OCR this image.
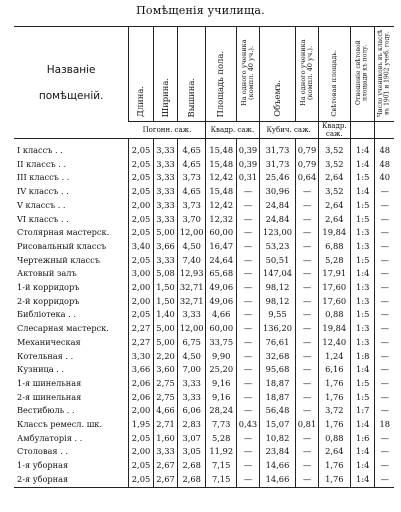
Помѣщенія училища.
Названіе помѣщеній.	Длина.	Ширина.	Вышина.	Площадь пола.	На одного ученика (компл. 40 уч.).	Объемъ.	На одного ученика (компл. 40 уч.).	Свѣтовая площадь.	Отношеніе свѣтовой площади къ полу.	Число учениковъ въ классѣ въ 1901 и 1902 учеб. году.
	Погонн. саж.			Квадр. саж.		Кубич. саж.		Квадр. саж.		
I классъ . .	2,05	3,33	4,65	15,48	0,39	31,73	0,79	3,52	1:4	48
II классъ . .	2,05	3,33	4,65	15,48	0,39	31,73	0,79	3,52	1:4	48
III классъ . .	2,05	3,33	3,73	12,42	0,31	25,46	0,64	2,64	1:5	40
IV классъ . .	2,05	3,33	4,65	15,48	—	30,96	—	3,52	1:4	—
V классъ . .	2,00	3,33	3,73	12,42	—	24,84	—	2,64	1:5	—
VI классъ . .	2,05	3,33	3,70	12,32	—	24,84	—	2,64	1:5	—
Столярная мастерск.	2,05	5,00	12,00	60,00	—	123,00	—	19,84	1:3	—
Рисовальный классъ	3,40	3,66	4,50	16,47	—	53,23	—	6,88	1:3	—
Чертежный классъ	2,05	3,33	7,40	24,64	—	50,51	—	5,28	1:5	—
Актовый залъ	3,00	5,08	12,93	65,68	—	147,04	—	17,91	1:4	—
1-й корридоръ	2,00	1,50	32,71	49,06	—	98,12	—	17,60	1:3	—
2-й корридоръ	2,00	1,50	32,71	49,06	—	98,12	—	17,60	1:3	—
Библіотека . .	2,05	1,40	3,33	4,66	—	9,55	—	0,88	1:5	—
Слесарная мастерск.	2,27	5,00	12,00	60,00	—	136,20	—	19,84	1:3	—
Механическая	2,27	5,00	6,75	33,75	—	76,61	—	12,40	1:3	—
Котельная . .	3,30	2,20	4,50	9,90	—	32,68	—	1,24	1:8	—
Кузница . .	3,66	3,60	7,00	25,20	—	95,68	—	6,16	1:4	—
1-я шинельная	2,06	2,75	3,33	9,16	—	18,87	—	1,76	1:5	—
2-я шинельная	2,06	2,75	3,33	9,16	—	18,87	—	1,76	1:5	—
Вестибюль . .	2,00	4,66	6,06	28,24	—	56,48	—	3,72	1:7	—
Классъ ремесл. шк.	1,95	2,71	2,83	7,73	0,43	15,07	0,81	1,76	1:4	18
Амбулаторія . .	2,05	1,60	3,07	5,28	—	10,82	—	0,88	1:6	—
Столовая . .	2,00	3,33	3,05	11,92	—	23,84	—	2,64	1:4	—
1-я уборная	2,05	2,67	2,68	7,15	—	14,66	—	1,76	1:4	—
2-я уборная	2,05	2,67	2,68	7,15	—	14,66	—	1,76	1:4	—
